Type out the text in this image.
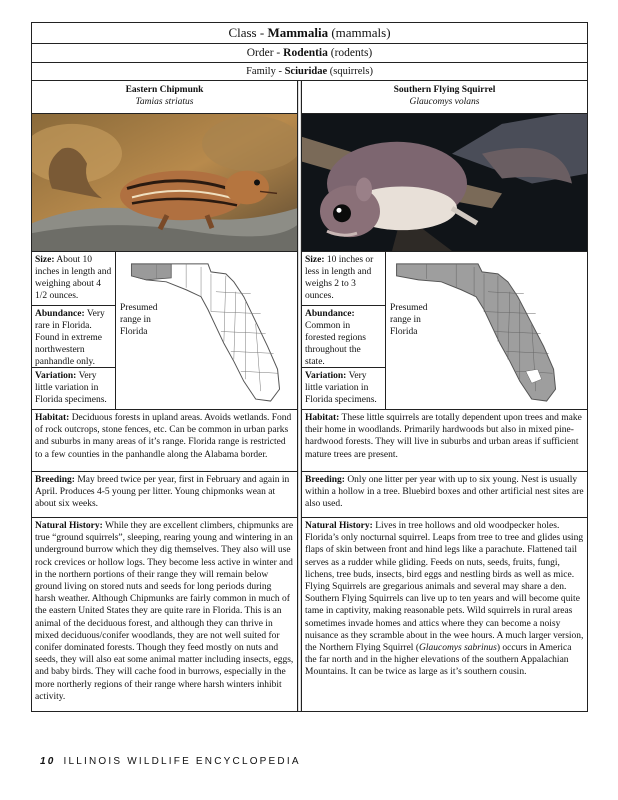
Class - Mammalia (mammals)
Order - Rodentia (rodents)
Family - Sciuridae (squirrels)
Eastern Chipmunk
Tamias striatus
Size: About 10 inches in length and weighing about 4 1/2 ounces.
Abundance: Very rare in Florida. Found in extreme northwestern panhandle only.
Variation: Very little variation in Florida specimens.
Presumed range in Florida
Habitat: Deciduous forests in upland areas. Avoids wetlands. Fond of rock outcrops, stone fences, etc. Can be common in urban parks and suburbs in many areas of it’s range. Florida range is restricted to a few counties in the panhandle along the Alabama border.
Breeding: May breed twice per year, first in February and again in April. Produces 4-5 young per litter. Young chipmonks wean at about six weeks.
Natural History: While they are excellent climbers, chipmunks are true “ground squirrels”, sleeping, rearing young and wintering in an underground burrow which they dig themselves. They also will use rock crevices or hollow logs. They become less active in winter and in the northern portions of their range they will remain below ground living on stored nuts and seeds for long periods during harsh weather. Although Chipmunks are fairly common in much of the eastern United States they are quite rare in Florida. This is an animal of the deciduous forest, and although they can thrive in mixed deciduous/conifer woodlands, they are not well suited for conifer dominated forests. Though they feed mostly on nuts and seeds, they will also eat some animal matter including insects, eggs, and baby birds. They will cache food in burrows, especially in the more northerly regions of their range where harsh winters inhibit activity.
Southern Flying Squirrel
Glaucomys volans
Size: 10 inches or less in length and weighs 2 to 3 ounces.
Abundance: Common in forested regions throughout the state.
Variation: Very little variation in Florida specimens.
Presumed range in Florida
Habitat: These little squirrels are totally dependent upon trees and make their home in woodlands. Primarily hardwoods but also in mixed pine-hardwood forests. They will live in suburbs and urban areas if sufficient mature trees are present.
Breeding: Only one litter per year with up to six young. Nest is usually within a hollow in a tree. Bluebird boxes and other artificial nest sites are also used.
Natural History: Lives in tree hollows and old woodpecker holes. Florida’s only nocturnal squirrel. Leaps from tree to tree and glides using flaps of skin between front and hind legs like a parachute. Flattened tail serves as a rudder while gliding. Feeds on nuts, seeds, fruits, fungi, lichens, tree buds, insects, bird eggs and nestling birds as well as mice. Flying Squirrels are gregarious animals and several may share a den. Southern Flying Squirrels can live up to ten years and will become quite tame in captivity, making reasonable pets. Wild squirrels in rural areas sometimes invade homes and attics where they can become a noisy nuisance as they scramble about in the wee hours. A much larger version, the Northern Flying Squirrel (Glaucomys sabrinus) occurs in America the far north and in the higher elevations of the southern Appalachian Mountains. It can be twice as large as it’s southern cousin.
10 ILLINOIS WILDLIFE ENCYCLOPEDIA
